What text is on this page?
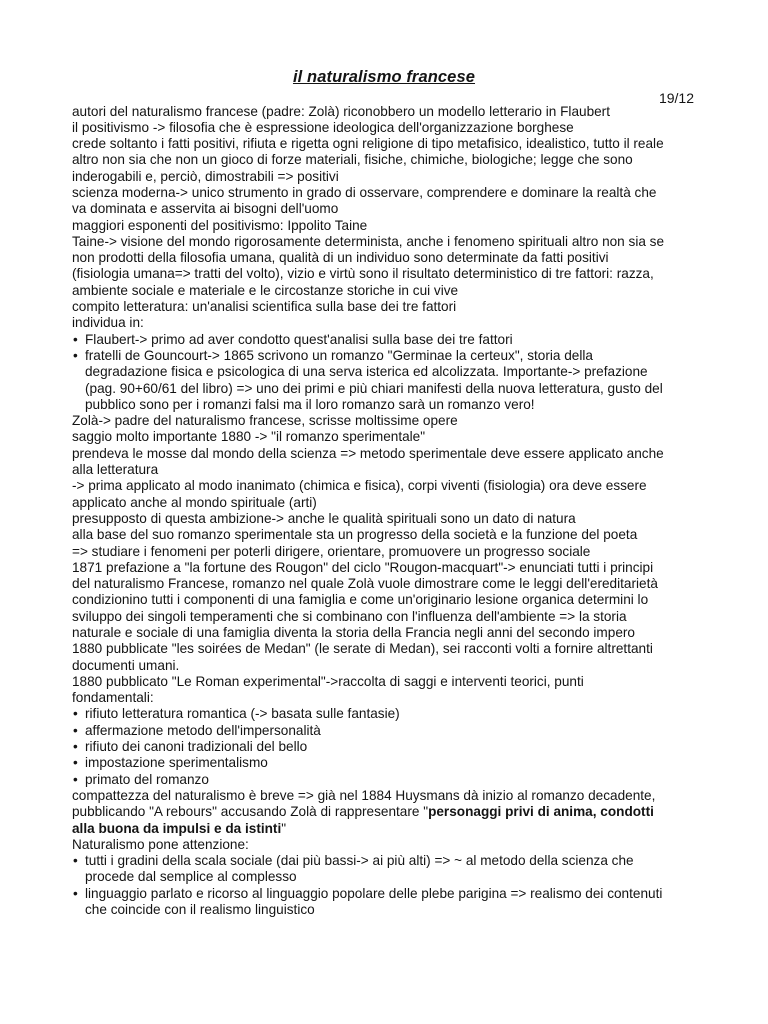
il naturalismo francese
19/12
autori del naturalismo francese (padre: Zolà) riconobbero un modello letterario in Flaubert
il positivismo -> filosofia che è espressione ideologica dell'organizzazione borghese
crede soltanto i fatti positivi, rifiuta e rigetta ogni religione di tipo metafisico, idealistico, tutto il reale
altro non sia che non un gioco di forze materiali, fisiche, chimiche, biologiche; legge che sono
inderogabili e, perciò, dimostrabili => positivi
scienza moderna-> unico strumento in grado di osservare, comprendere e dominare la realtà che
va dominata e asservita ai bisogni dell'uomo
maggiori esponenti del positivismo: Ippolito Taine
Taine-> visione del mondo rigorosamente determinista, anche i fenomeno spirituali altro non sia se
non prodotti della filosofia umana, qualità di un individuo sono determinate da fatti positivi
(fisiologia umana=> tratti del volto), vizio e virtù sono il risultato deterministico di tre fattori: razza,
ambiente sociale e materiale e le circostanze storiche in cui vive
compito letteratura: un'analisi scientifica sulla base dei tre fattori
individua in:
• Flaubert-> primo ad aver condotto quest'analisi sulla base dei tre fattori
• fratelli de Gouncourt-> 1865 scrivono un romanzo "Germinae la certeux", storia della
degradazione fisica e psicologica di una serva isterica ed alcolizzata. Importante-> prefazione
(pag. 90+60/61 del libro) => uno dei primi e più chiari manifesti della nuova letteratura, gusto del
pubblico sono per i romanzi falsi ma il loro romanzo sarà un romanzo vero!
Zolà-> padre del naturalismo francese, scrisse moltissime opere
saggio molto importante 1880 -> "il romanzo sperimentale"
prendeva le mosse dal mondo della scienza => metodo sperimentale deve essere applicato anche
alla letteratura
-> prima applicato al modo inanimato (chimica e fisica), corpi viventi (fisiologia) ora deve essere
applicato anche al mondo spirituale (arti)
presupposto di questa ambizione-> anche le qualità spirituali sono un dato di natura
alla base del suo romanzo sperimentale sta un progresso della società e la funzione del poeta
=> studiare i fenomeni per poterli dirigere, orientare, promuovere un progresso sociale
1871 prefazione a "la fortune des Rougon" del ciclo "Rougon-macquart"-> enunciati tutti i principi
del naturalismo Francese, romanzo nel quale Zolà vuole dimostrare come le leggi dell'ereditarietà
condizionino tutti i componenti di una famiglia e come un'originario lesione organica determini lo
sviluppo dei singoli temperamenti che si combinano con l'influenza dell'ambiente => la storia
naturale e sociale di una famiglia diventa la storia della Francia negli anni del secondo impero
1880 pubblicate "les soirées de Medan" (le serate di Medan), sei racconti volti a fornire altrettanti
documenti umani.
1880 pubblicato "Le Roman experimental"->raccolta di saggi e interventi teorici, punti
fondamentali:
• rifiuto letteratura romantica (-> basata sulle fantasie)
• affermazione metodo dell'impersonalità
• rifiuto dei canoni tradizionali del bello
• impostazione sperimentalismo
• primato del romanzo
compattezza del naturalismo è breve => già nel 1884 Huysmans dà inizio al romanzo decadente,
pubblicando "A rebours" accusando Zolà di rappresentare "personaggi privi di anima, condotti
alla buona da impulsi e da istinti"
Naturalismo pone attenzione:
• tutti i gradini della scala sociale (dai più bassi-> ai più alti) => ~ al metodo della scienza che
procede dal semplice al complesso
• linguaggio parlato e ricorso al linguaggio popolare delle plebe parigina => realismo dei contenuti
che coincide con il realismo linguistico
